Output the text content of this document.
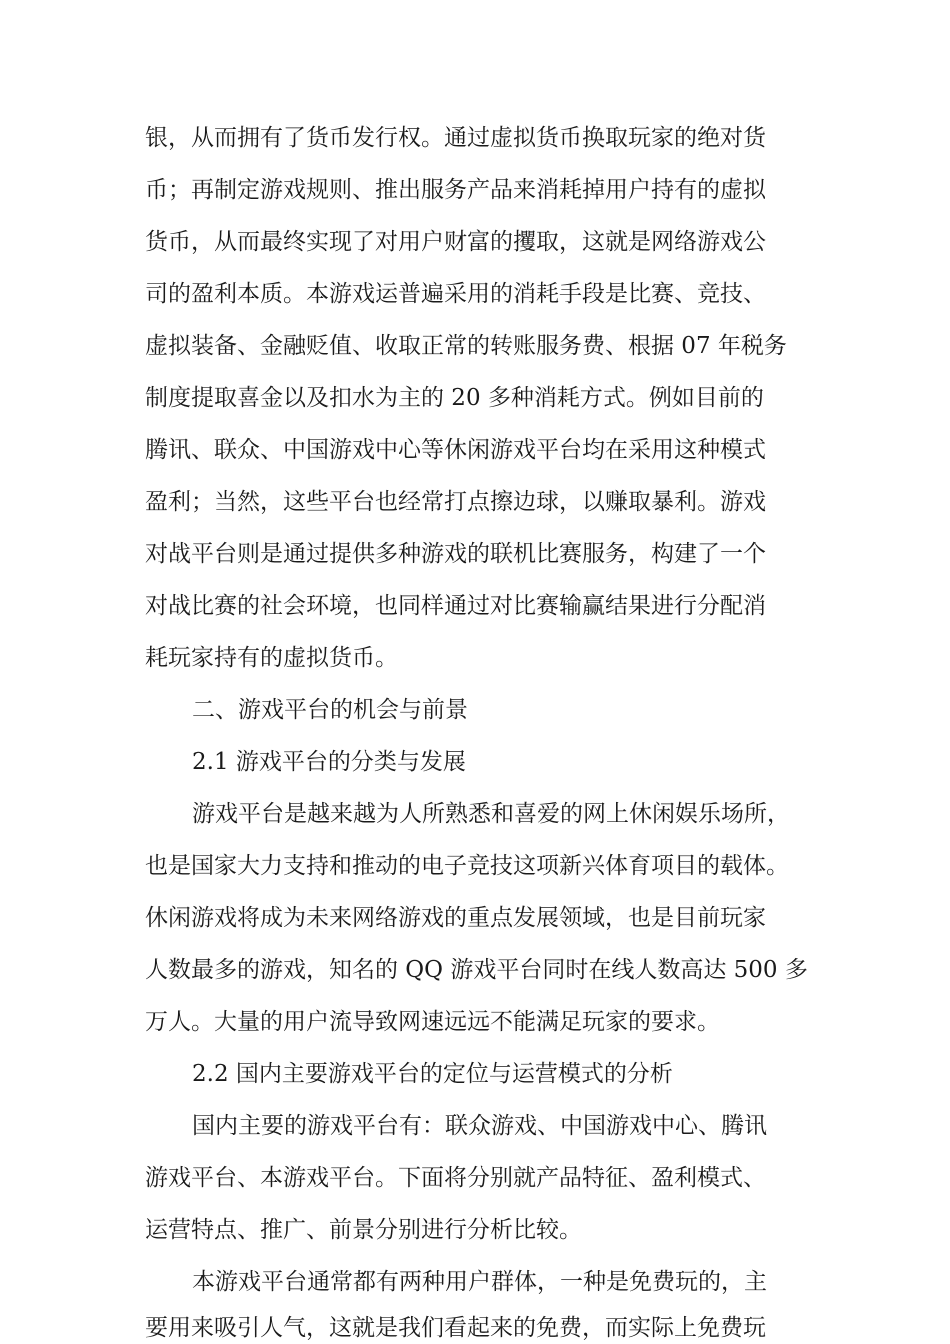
银，从而拥有了货币发行权。通过虚拟货币换取玩家的绝对货
币；再制定游戏规则、推出服务产品来消耗掉用户持有的虚拟
货币，从而最终实现了对用户财富的攫取，这就是网络游戏公
司的盈利本质。本游戏运普遍采用的消耗手段是比赛、竞技、
虚拟装备、金融贬值、收取正常的转账服务费、根据 07 年税务
制度提取喜金以及扣水为主的 20 多种消耗方式。例如目前的
腾讯、联众、中国游戏中心等休闲游戏平台均在采用这种模式
盈利；当然，这些平台也经常打点擦边球，以赚取暴利。游戏
对战平台则是通过提供多种游戏的联机比赛服务，构建了一个
对战比赛的社会环境，也同样通过对比赛输赢结果进行分配消
耗玩家持有的虚拟货币。
二、游戏平台的机会与前景
2.1 游戏平台的分类与发展
游戏平台是越来越为人所熟悉和喜爱的网上休闲娱乐场所，
也是国家大力支持和推动的电子竞技这项新兴体育项目的载体。
休闲游戏将成为未来网络游戏的重点发展领域，也是目前玩家
人数最多的游戏，知名的 QQ 游戏平台同时在线人数高达 500 多
万人。大量的用户流导致网速远远不能满足玩家的要求。
2.2 国内主要游戏平台的定位与运营模式的分析
国内主要的游戏平台有：联众游戏、中国游戏中心、腾讯
游戏平台、本游戏平台。下面将分别就产品特征、盈利模式、
运营特点、推广、前景分别进行分析比较。
本游戏平台通常都有两种用户群体，一种是免费玩的，主
要用来吸引人气，这就是我们看起来的免费，而实际上免费玩
